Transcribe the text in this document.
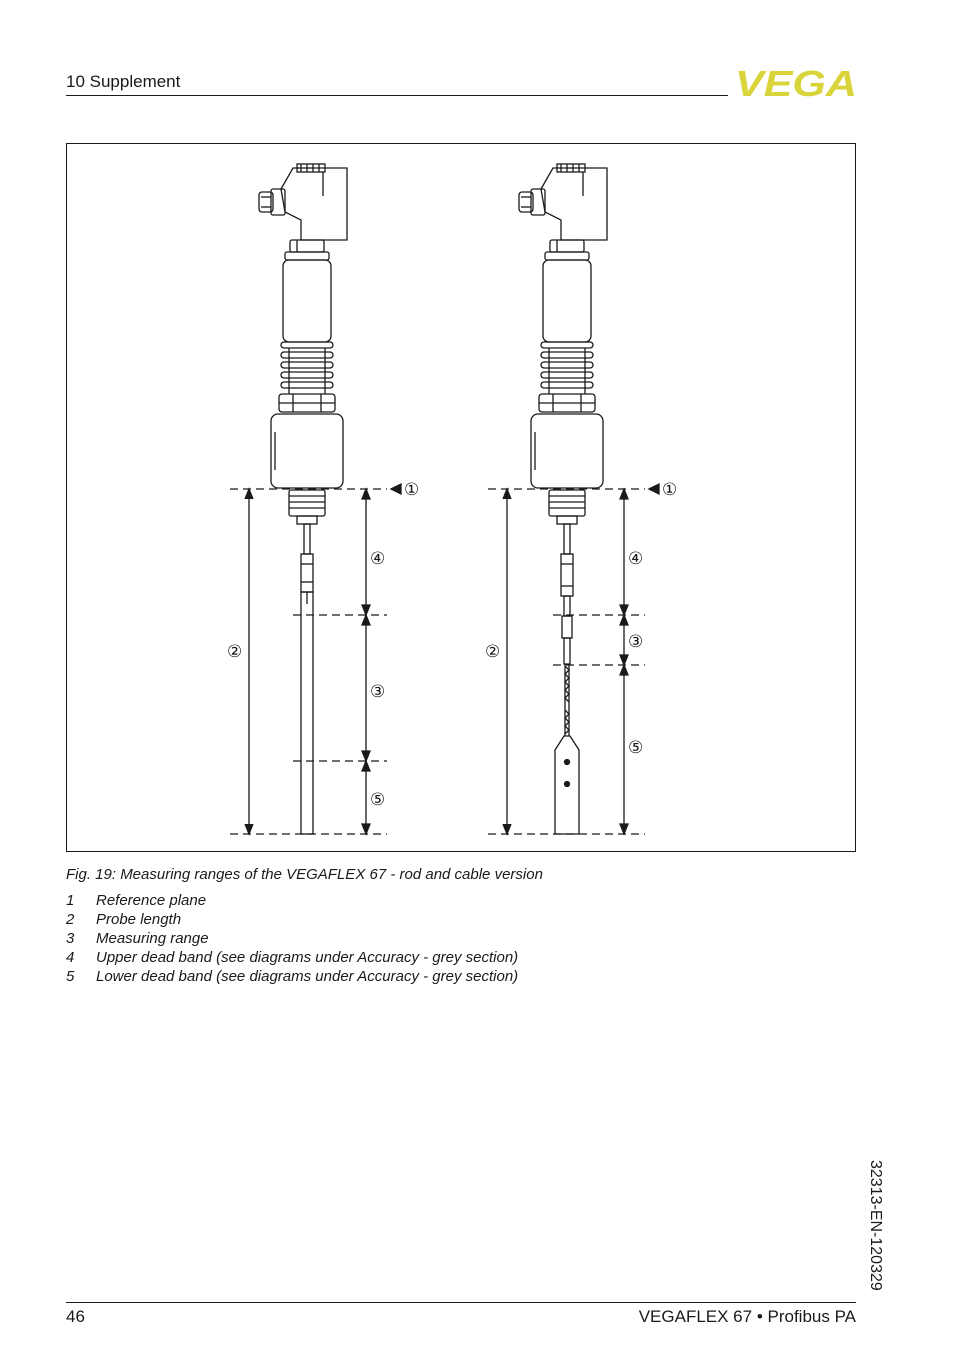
10 Supplement	VEGA
①
④
②
③
⑤
①
④
②	③
⑤
Fig. 19: Measuring ranges of the VEGAFLEX 67 - rod and cable version
1	Reference plane
2	Probe length
3	Measuring range
4	Upper dead band (see diagrams under Accuracy - grey section)
5	Lower dead band (see diagrams under Accuracy - grey section)
32313-EN-120329
46	VEGAFLEX 67 • Profibus PA
